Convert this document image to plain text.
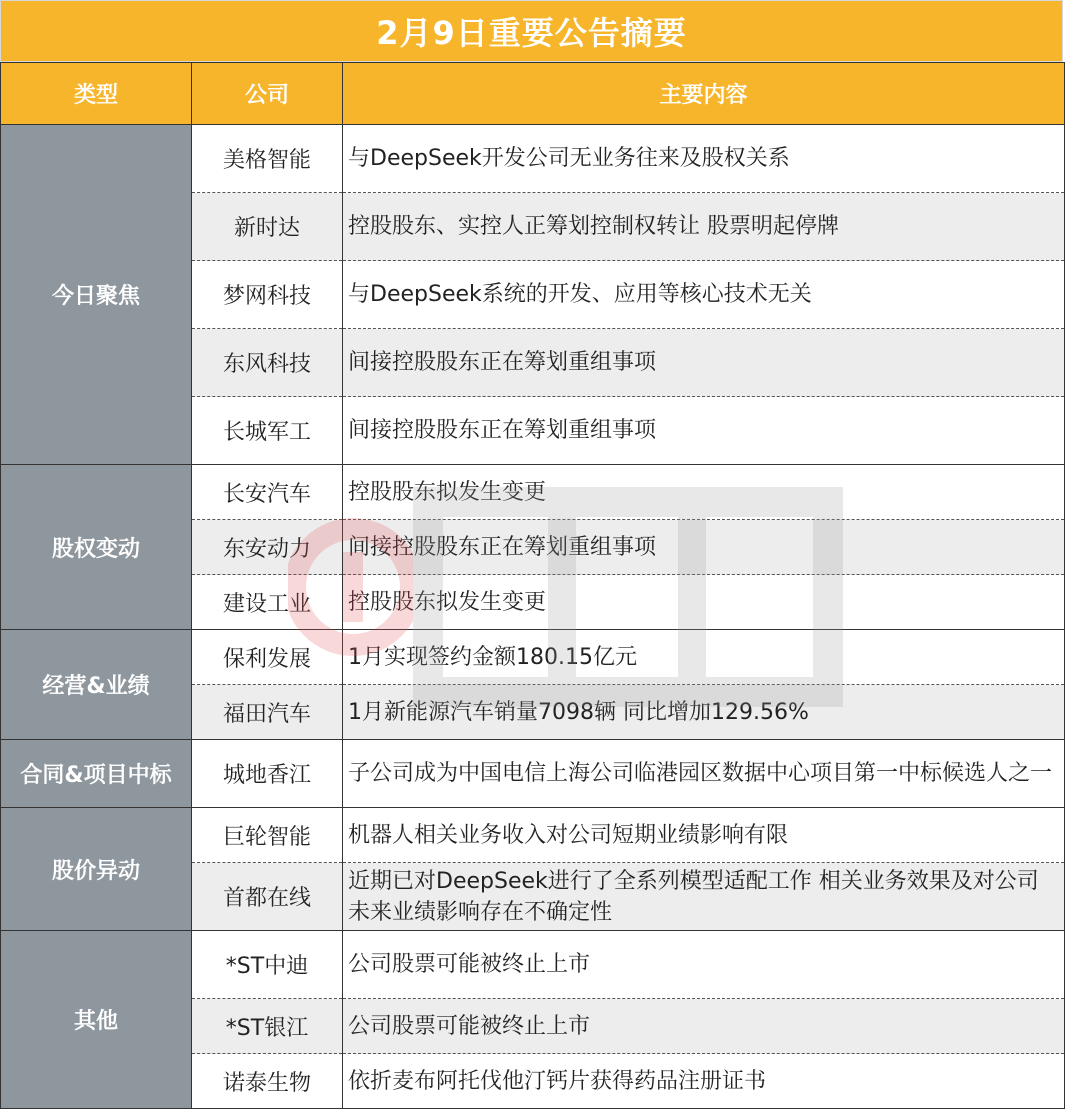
2月9日重要公告摘要
类型	公司	主要内容
今日聚焦	美格智能	与DeepSeek开发公司无业务往来及股权关系
	新时达	控股股东、实控人正筹划控制权转让 股票明起停牌
	梦网科技	与DeepSeek系统的开发、应用等核心技术无关
	东风科技	间接控股股东正在筹划重组事项
	长城军工	间接控股股东正在筹划重组事项
股权变动	长安汽车	控股股东拟发生变更
	东安动力	间接控股股东正在筹划重组事项
	建设工业	控股股东拟发生变更
经营&业绩	保利发展	1月实现签约金额180.15亿元
	福田汽车	1月新能源汽车销量7098辆 同比增加129.56%
合同&项目中标	城地香江	子公司成为中国电信上海公司临港园区数据中心项目第一中标候选人之一
股价异动	巨轮智能	机器人相关业务收入对公司短期业绩影响有限
	首都在线	近期已对DeepSeek进行了全系列模型适配工作 相关业务效果及对公司未来业绩影响存在不确定性
其他	*ST中迪	公司股票可能被终止上市
	*ST银江	公司股票可能被终止上市
	诺泰生物	依折麦布阿托伐他汀钙片获得药品注册证书
